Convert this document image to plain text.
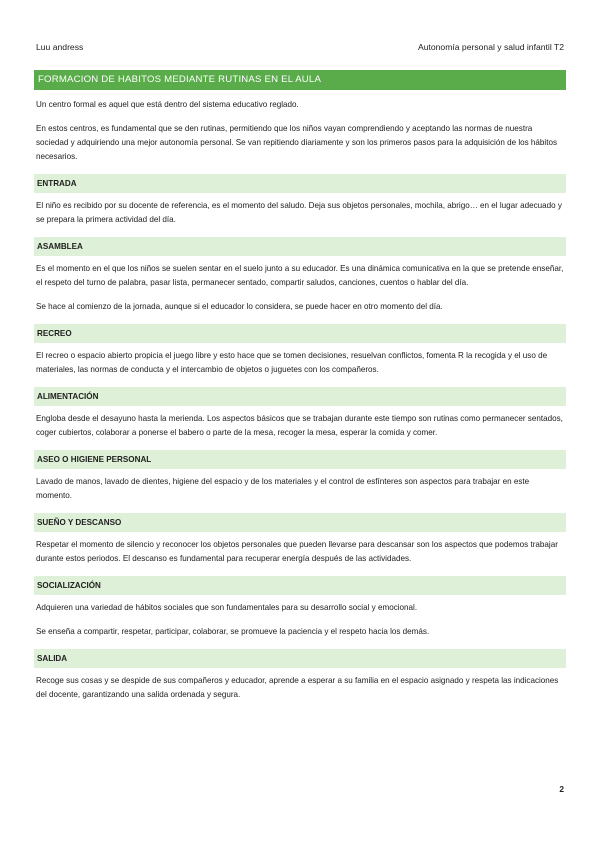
Luu andress	Autonomía personal y salud infantil T2
FORMACION DE HABITOS MEDIANTE RUTINAS EN EL AULA

Un centro formal es aquel que está dentro del sistema educativo reglado.

En estos centros, es fundamental que se den rutinas, permitiendo que los niños vayan comprendiendo y aceptando las normas de nuestra sociedad y adquiriendo una mejor autonomía personal. Se van repitiendo diariamente y son los primeros pasos para la adquisición de los hábitos necesarios.

ENTRADA

El niño es recibido por su docente de referencia, es el momento del saludo. Deja sus objetos personales, mochila, abrigo… en el lugar adecuado y se prepara la primera actividad del día.

ASAMBLEA

Es el momento en el que los niños se suelen sentar en el suelo junto a su educador. Es una dinámica comunicativa en la que se pretende enseñar, el respeto del turno de palabra, pasar lista, permanecer sentado, compartir saludos, canciones, cuentos o hablar del día.

Se hace al comienzo de la jornada, aunque si el educador lo considera, se puede hacer en otro momento del día.

RECREO

El recreo o espacio abierto propicia el juego libre y esto hace que se tomen decisiones, resuelvan conflictos, fomenta R la recogida y el uso de materiales, las normas de conducta y el intercambio de objetos o juguetes con los compañeros.

ALIMENTACIÓN

Engloba desde el desayuno hasta la merienda. Los aspectos básicos que se trabajan durante este tiempo son rutinas como permanecer sentados, coger cubiertos, colaborar a ponerse el babero o parte de la mesa, recoger la mesa, esperar la comida y comer.

ASEO O HIGIENE PERSONAL

Lavado de manos, lavado de dientes, higiene del espacio y de los materiales y el control de esfínteres son aspectos para trabajar en este momento.

SUEÑO Y DESCANSO

Respetar el momento de silencio y reconocer los objetos personales que pueden llevarse para descansar son los aspectos que podemos trabajar durante estos periodos. El descanso es fundamental para recuperar energía después de las actividades.

SOCIALIZACIÓN

Adquieren una variedad de hábitos sociales que son fundamentales para su desarrollo social y emocional.

Se enseña a compartir, respetar, participar, colaborar, se promueve la paciencia y el respeto hacia los demás.

SALIDA

Recoge sus cosas y se despide de sus compañeros y educador, aprende a esperar a su familia en el espacio asignado y respeta las indicaciones del docente, garantizando una salida ordenada y segura.

2
